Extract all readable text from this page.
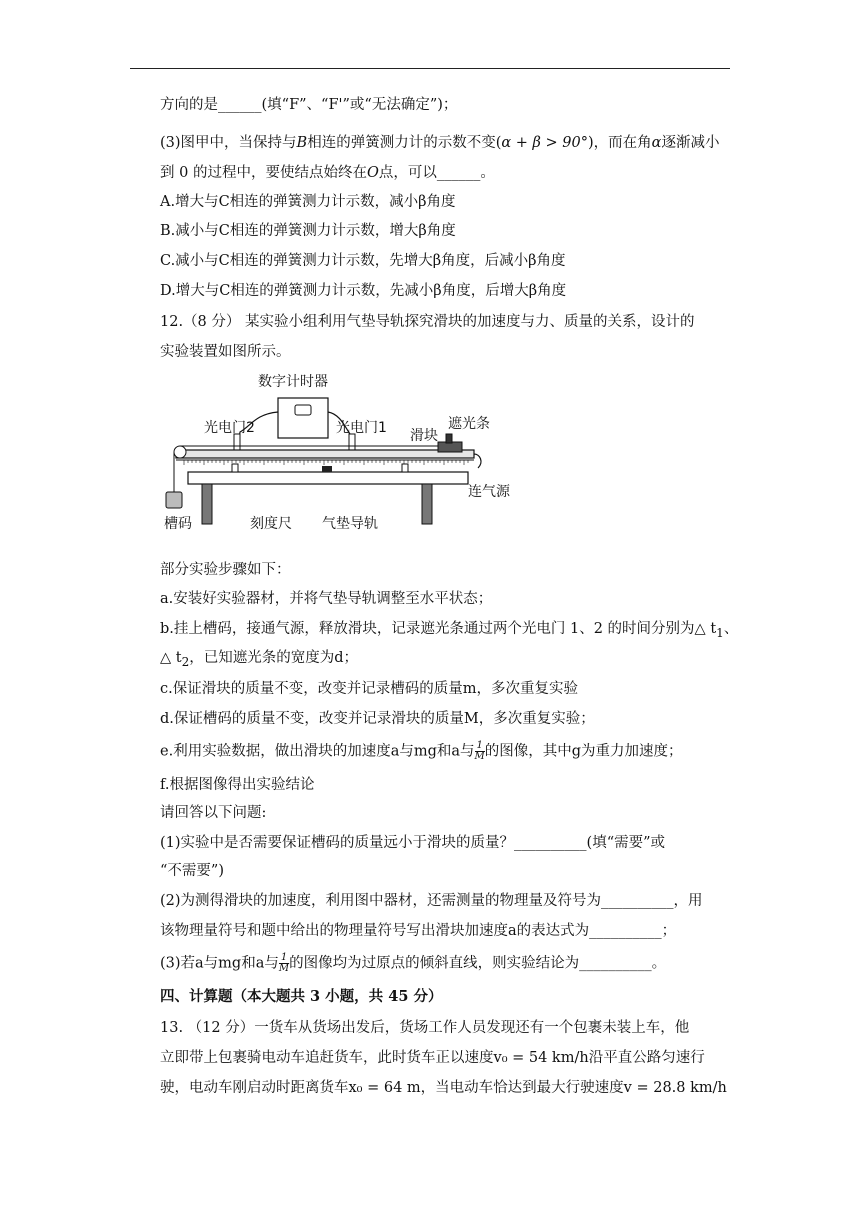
方向的是______(填“F”、“F'”或“无法确定”)；
(3)图甲中，当保持与B相连的弹簧测力计的示数不变(α + β > 90°)，而在角α逐渐减小
到 0 的过程中，要使结点始终在O点，可以______。
A.增大与C相连的弹簧测力计示数，减小β角度
B.减小与C相连的弹簧测力计示数，增大β角度
C.减小与C相连的弹簧测力计示数，先增大β角度，后减小β角度
D.增大与C相连的弹簧测力计示数，先减小β角度，后增大β角度
12.（8 分） 某实验小组利用气垫导轨探究滑块的加速度与力、质量的关系，设计的
实验装置如图所示。
部分实验步骤如下：
a.安装好实验器材，并将气垫导轨调整至水平状态；
b.挂上槽码，接通气源，释放滑块，记录遮光条通过两个光电门 1、2 的时间分别为△ $t_1$、
△ $t_2$，已知遮光条的宽度为d；
c.保证滑块的质量不变，改变并记录槽码的质量m，多次重复实验
d.保证槽码的质量不变，改变并记录滑块的质量M，多次重复实验；
e.利用实验数据，做出滑块的加速度a与mg和a与 $\frac{1}{M}$ 的图像，其中g为重力加速度；
f.根据图像得出实验结论
请回答以下问题:
(1)实验中是否需要保证槽码的质量远小于滑块的质量？__________(填“需要”或
“不需要”)
(2)为测得滑块的加速度，利用图中器材，还需测量的物理量及符号为__________，用
该物理量符号和题中给出的物理量符号写出滑块加速度a的表达式为__________；
(3)若a与mg和a与 $\frac{1}{M}$ 的图像均为过原点的倾斜直线，则实验结论为__________。
四、计算题（本大题共 3 小题，共 45 分）
13. （12 分）一货车从货场出发后，货场工作人员发现还有一个包裹未装上车，他
立即带上包裹骑电动车追赶货车，此时货车正以速度v₀ = 54 km/h沿平直公路匀速行
驶，电动车刚启动时距离货车x₀ = 64 m，当电动车恰达到最大行驶速度v = 28.8 km/h
数字计时器
光电门2	光电门1	遮光条
滑块
连气源
槽码	刻度尺 气垫导轨
